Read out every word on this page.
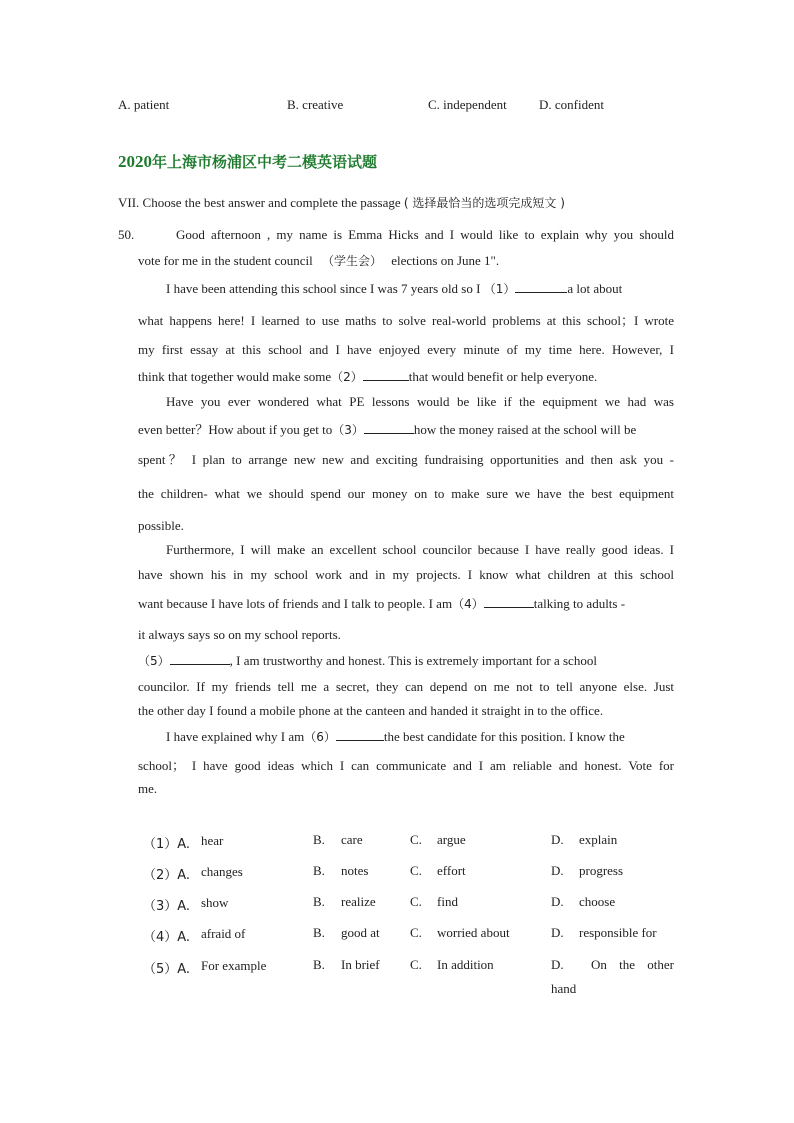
A. patient	B. creative	C. independent D. confident
2020年上海市杨浦区中考二模英语试题
VII. Choose the best answer and complete the passage ( 选择最恰当的选项完成短文 )
50.	Good afternoon , my name is Emma Hicks and I would like to explain why you should
vote for me in the student council （学生会） elections on June 1".
I have been attending this school since I was 7 years old so I （1）	a lot about
what happens here! I learned to use maths to solve real-world problems at this school；I wrote
my first essay at this school and I have enjoyed every minute of my time here. However, I
think that together would make some（2）	that would benefit or help everyone.
Have you ever wondered what PE lessons would be like if the equipment we had was
even better？How about if you get to（3）	how the money raised at the school will be
spent？ I plan to arrange new new and exciting fundraising opportunities and then ask you -
the children- what we should spend our money on to make sure we have the best equipment
possible.
Furthermore, I will make an excellent school councilor because I have really good ideas. I
have shown his in my school work and in my projects. I know what children at this school
want because I have lots of friends and I talk to people. I am（4）	talking to adults -
it always says so on my school reports.
（5）	, I am trustworthy and honest. This is extremely important for a school
councilor. If my friends tell me a secret, they can depend on me not to tell anyone else. Just
the other day I found a mobile phone at the canteen and handed it straight in to the office.
I have explained why I am（6）	the best candidate for this position. I know the
school； I have good ideas which I can communicate and I am reliable and honest. Vote for
me.
（1）A. hear	B. care	C. argue	D. explain
（2）A. changes	B. notes	C. effort	D. progress
（3）A. show	B. realize	C. find	D. choose
（4）A. afraid of	B. good at C. worried about	D. responsible for
（5）A. For example	B. In brief C. In addition	D. On the other
hand
